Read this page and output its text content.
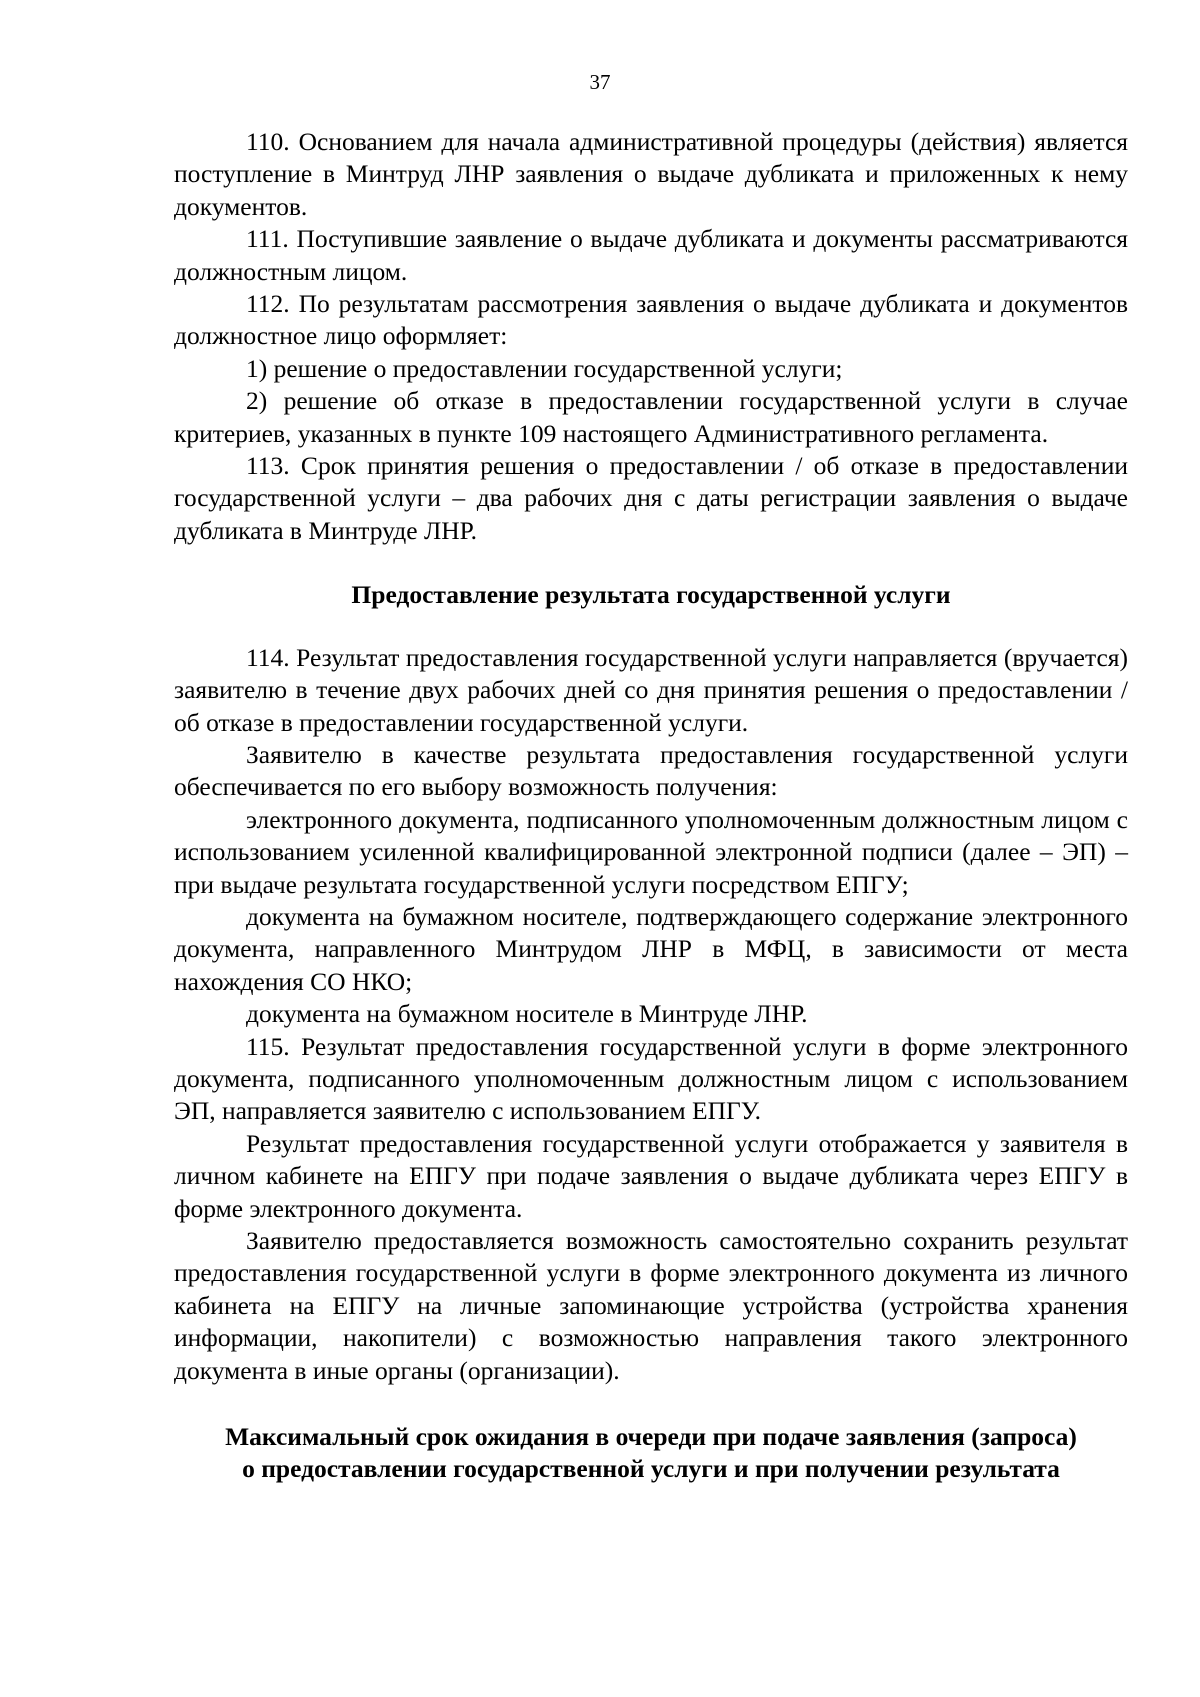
37

110. Основанием для начала административной процедуры (действия) является поступление в Минтруд ЛНР заявления о выдаче дубликата и приложенных к нему документов.

111. Поступившие заявление о выдаче дубликата и документы рассматриваются должностным лицом.

112. По результатам рассмотрения заявления о выдаче дубликата и документов должностное лицо оформляет:

1) решение о предоставлении государственной услуги;

2) решение об отказе в предоставлении государственной услуги в случае критериев, указанных в пункте 109 настоящего Административного регламента.

113. Срок принятия решения о предоставлении / об отказе в предоставлении государственной услуги – два рабочих дня с даты регистрации заявления о выдаче дубликата в Минтруде ЛНР.

Предоставление результата государственной услуги

114. Результат предоставления государственной услуги направляется (вручается) заявителю в течение двух рабочих дней со дня принятия решения о предоставлении / об отказе в предоставлении государственной услуги.

Заявителю в качестве результата предоставления государственной услуги обеспечивается по его выбору возможность получения:

электронного документа, подписанного уполномоченным должностным лицом с использованием усиленной квалифицированной электронной подписи (далее – ЭП) – при выдаче результата государственной услуги посредством ЕПГУ;

документа на бумажном носителе, подтверждающего содержание электронного документа, направленного Минтрудом ЛНР в МФЦ, в зависимости от места нахождения СО НКО;

документа на бумажном носителе в Минтруде ЛНР.

115. Результат предоставления государственной услуги в форме электронного документа, подписанного уполномоченным должностным лицом с использованием ЭП, направляется заявителю с использованием ЕПГУ.

Результат предоставления государственной услуги отображается у заявителя в личном кабинете на ЕПГУ при подаче заявления о выдаче дубликата через ЕПГУ в форме электронного документа.

Заявителю предоставляется возможность самостоятельно сохранить результат предоставления государственной услуги в форме электронного документа из личного кабинета на ЕПГУ на личные запоминающие устройства (устройства хранения информации, накопители) с возможностью направления такого электронного документа в иные органы (организации).

Максимальный срок ожидания в очереди при подаче заявления (запроса)

о предоставлении государственной услуги и при получении результата
